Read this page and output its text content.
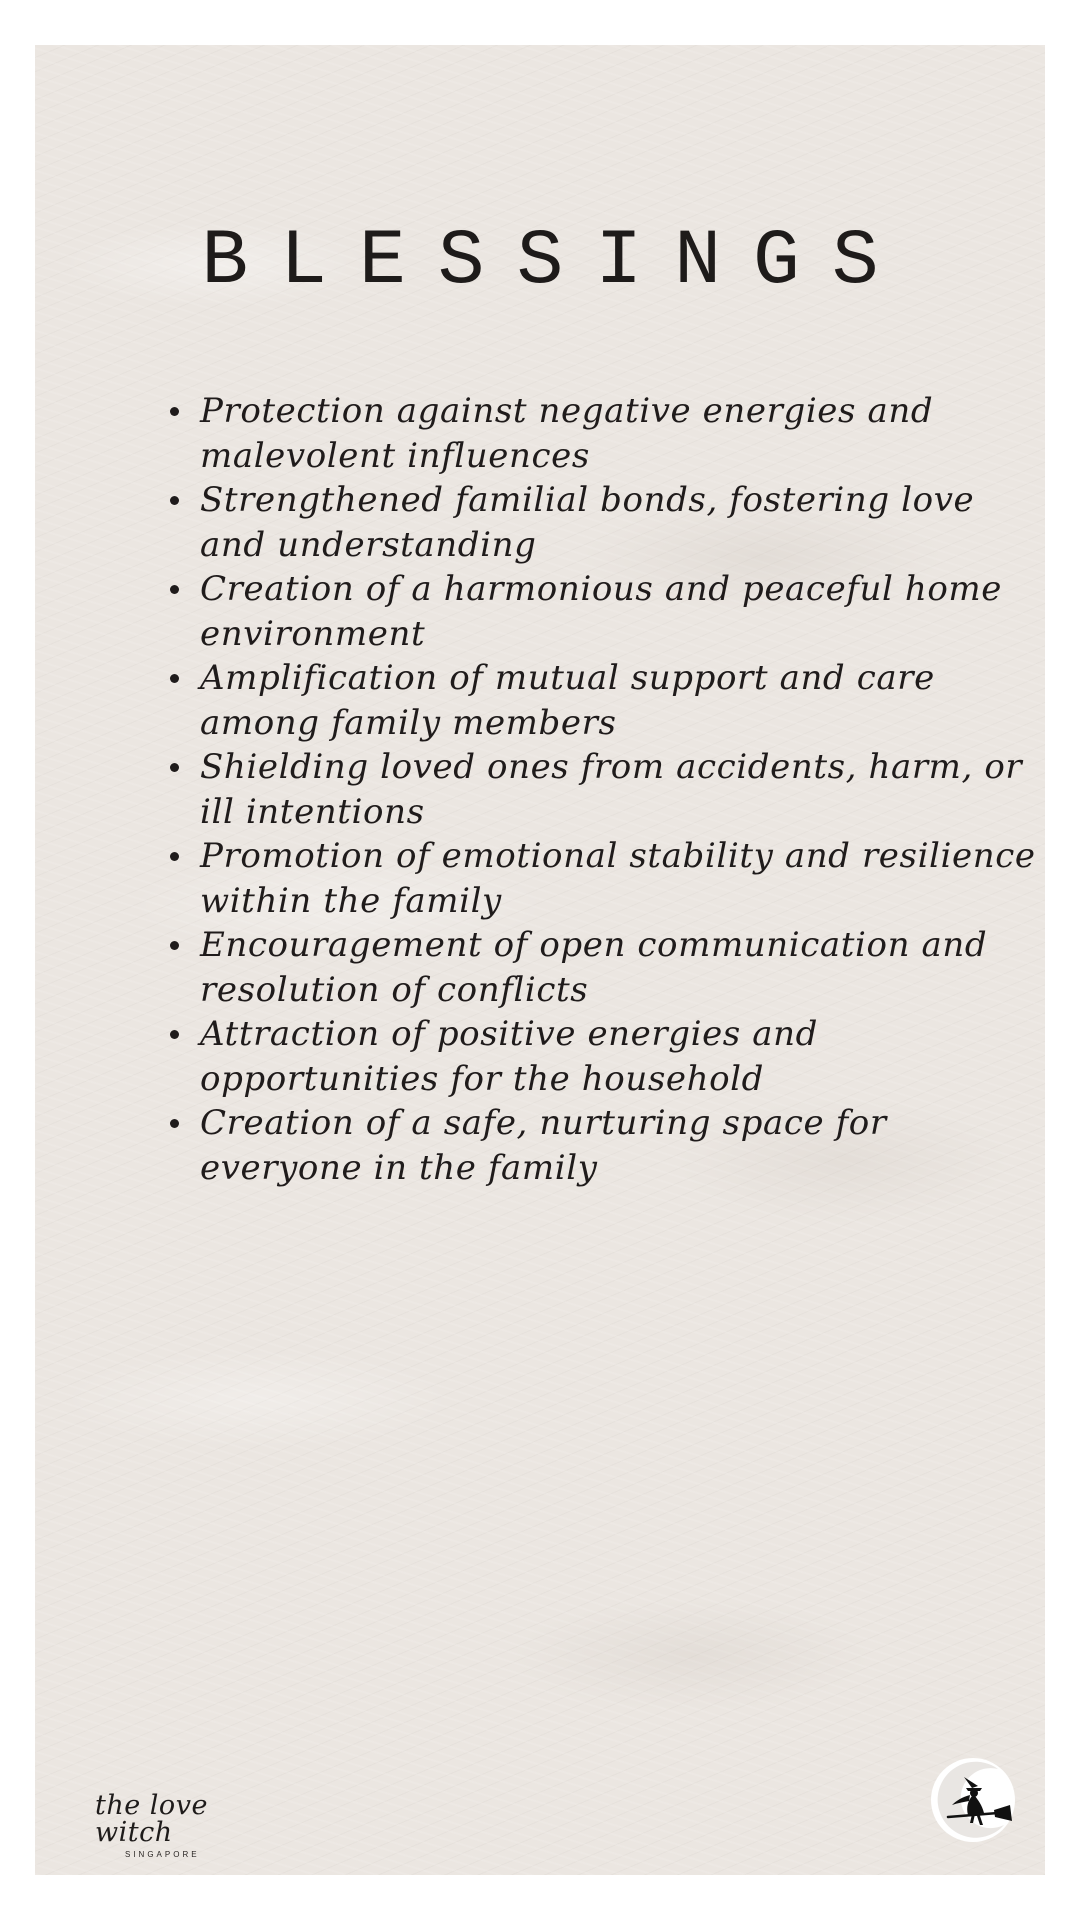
BLESSINGS
Protection against negative energies and malevolent influences
Strengthened familial bonds, fostering love and understanding
Creation of a harmonious and peaceful home environment
Amplification of mutual support and care among family members
Shielding loved ones from accidents, harm, or ill intentions
Promotion of emotional stability and resilience within the family
Encouragement of open communication and resolution of conflicts
Attraction of positive energies and opportunities for the household
Creation of a safe, nurturing space for everyone in the family
the love witch
SINGAPORE
